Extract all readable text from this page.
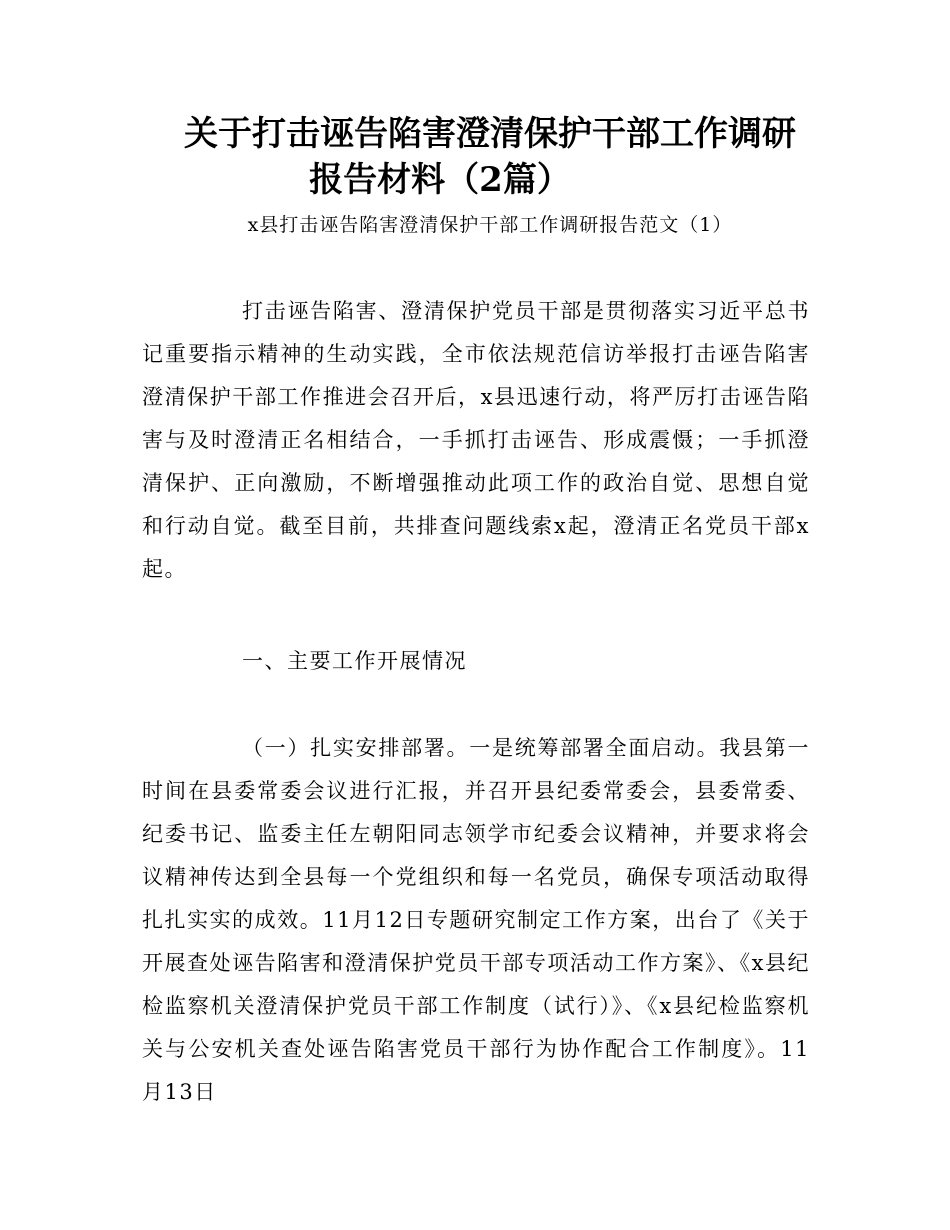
关于打击诬告陷害澄清保护干部工作调研
报告材料（2篇）

x县打击诬告陷害澄清保护干部工作调研报告范文（1）

打击诬告陷害、澄清保护党员干部是贯彻落实习近平总书记重要指示精神的生动实践，全市依法规范信访举报打击诬告陷害澄清保护干部工作推进会召开后，x县迅速行动，将严厉打击诬告陷害与及时澄清正名相结合，一手抓打击诬告、形成震慑；一手抓澄清保护、正向激励，不断增强推动此项工作的政治自觉、思想自觉和行动自觉。截至目前，共排查问题线索x起，澄清正名党员干部x起。

一、主要工作开展情况

（一）扎实安排部署。一是统筹部署全面启动。我县第一时间在县委常委会议进行汇报，并召开县纪委常委会，县委常委、纪委书记、监委主任左朝阳同志领学市纪委会议精神，并要求将会议精神传达到全县每一个党组织和每一名党员，确保专项活动取得扎扎实实的成效。11月12日专题研究制定工作方案，出台了《关于开展查处诬告陷害和澄清保护党员干部专项活动工作方案》、《x县纪检监察机关澄清保护党员干部工作制度（试行）》、《x县纪检监察机关与公安机关查处诬告陷害党员干部行为协作配合工作制度》。11月13日
